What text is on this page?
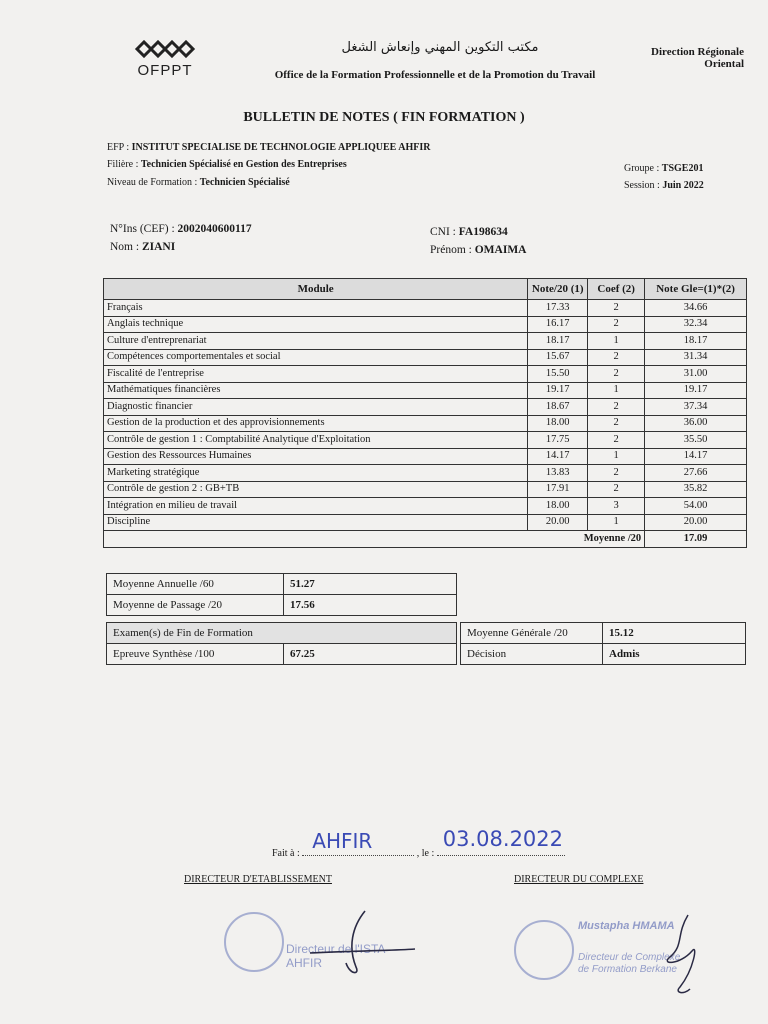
OFPPT
مكتب التكوين المهني وإنعاش الشغل
Office de la Formation Professionnelle et de la Promotion du Travail
Direction Régionale
Oriental
BULLETIN DE NOTES ( FIN FORMATION )
EFP : INSTITUT SPECIALISE DE TECHNOLOGIE APPLIQUEE AHFIR
Filière : Technicien Spécialisé en Gestion des Entreprises
Niveau de Formation : Technicien Spécialisé
Groupe : TSGE201
Session : Juin 2022
N°Ins (CEF) : 2002040600117
Nom : ZIANI
CNI : FA198634
Prénom : OMAIMA
Module	Note/20 (1)	Coef (2)	Note Gle=(1)*(2)
Français	17.33	2	34.66
Anglais technique	16.17	2	32.34
Culture d'entreprenariat	18.17	1	18.17
Compétences comportementales et social	15.67	2	31.34
Fiscalité de l'entreprise	15.50	2	31.00
Mathématiques financières	19.17	1	19.17
Diagnostic financier	18.67	2	37.34
Gestion de la production et des approvisionnements	18.00	2	36.00
Contrôle de gestion 1 : Comptabilité Analytique d'Exploitation	17.75	2	35.50
Gestion des Ressources Humaines	14.17	1	14.17
Marketing stratégique	13.83	2	27.66
Contrôle de gestion 2 : GB+TB	17.91	2	35.82
Intégration en milieu de travail	18.00	3	54.00
Discipline	20.00	1	20.00
	Moyenne /20		17.09
Moyenne Annuelle /60	51.27
Moyenne de Passage /20	17.56
Examen(s) de Fin de Formation
Epreuve Synthèse /100	67.25
Moyenne Générale /20	15.12
Décision	Admis
Fait à :
AHFIR
, le :
03.08.2022
DIRECTEUR D'ETABLISSEMENT	DIRECTEUR DU COMPLEXE
Directeur de l'ISTA AHFIR
Mustapha HMAMA
Directeur de Complexe
de Formation Berkane
